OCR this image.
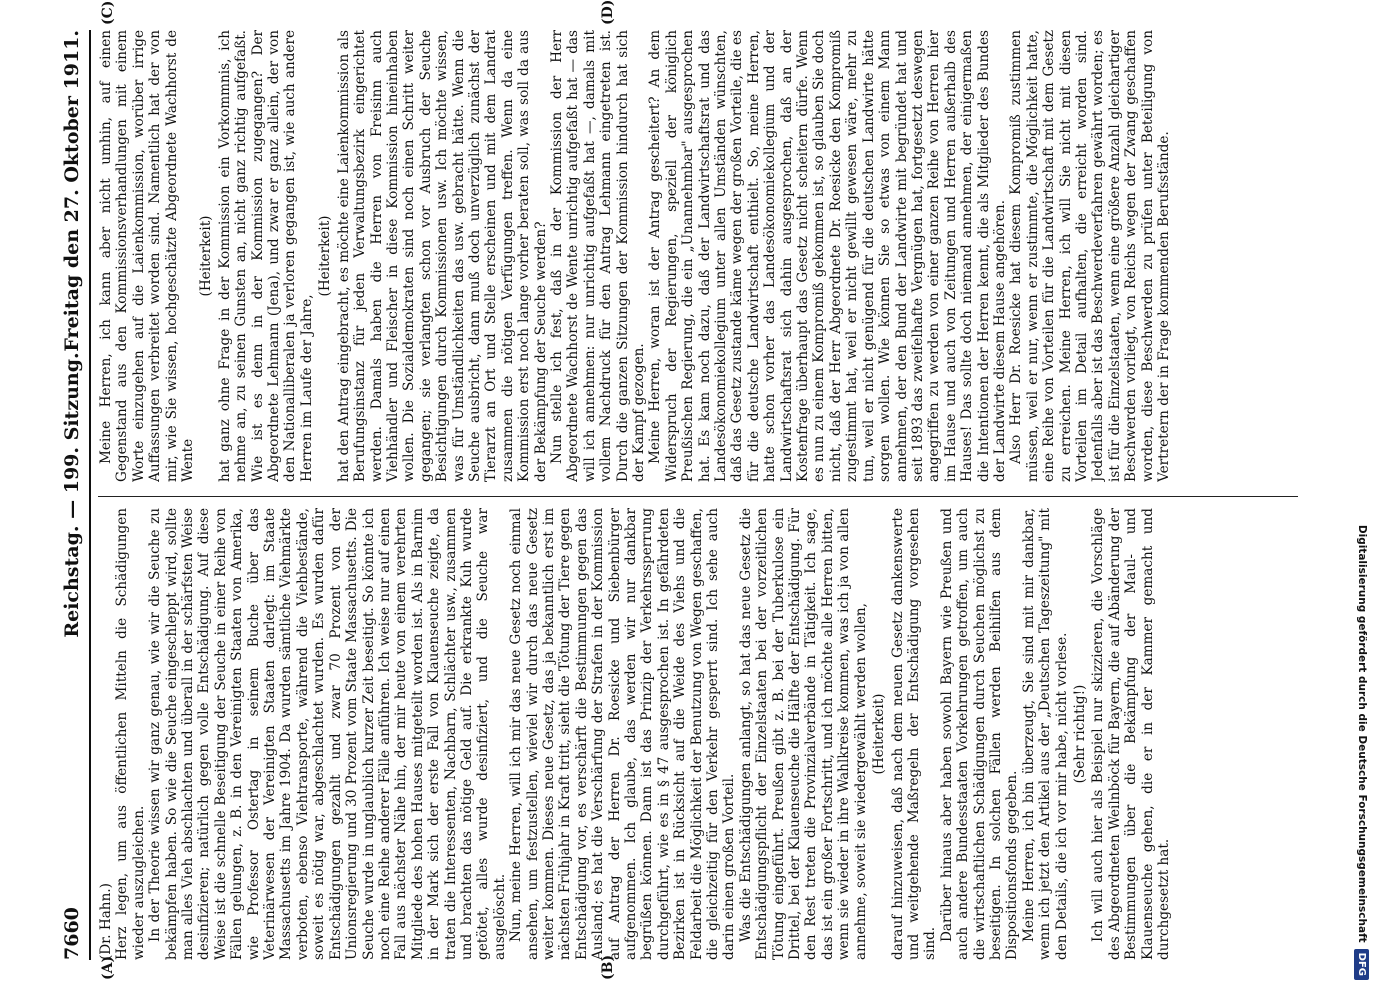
7660
Reichstag. — 199. Sitzung.
Freitag den 27. Oktober 1911.
(A)	(B)
(C)	(D)

(Dr. Hahn.) Herz legen, um aus öffentlichen Mitteln die Schädigungen wieder auszugleichen. In der Theorie wissen wir ganz genau, wie wir die Seuche zu bekämpfen haben. So wie die Seuche eingeschleppt wird, sollte man alles Vieh abschlachten und überall in der schärfsten Weise desinfizieren; natürlich gegen volle Entschädigung. Auf diese Weise ist die schnelle Beseitigung der Seuche in einer Reihe von Fällen gelungen, z. B. in den Vereinigten Staaten von Amerika, wie Professor Ostertag in seinem Buche über das Veterinärwesen der Vereinigten Staaten darlegt: im Staate Massachusetts im Jahre 1904. Da wurden sämtliche Viehmärkte verboten, ebenso Viehtransporte, während die Viehbestände, soweit es nötig war, abgeschlachtet wurden. Es wurden dafür Entschädigungen gezahlt und zwar 70 Prozent von der Unionsregierung und 30 Prozent vom Staate Massachusetts. Die Seuche wurde in unglaublich kurzer Zeit beseitigt. So könnte ich noch eine Reihe anderer Fälle anführen. Ich weise nur auf einen Fall aus nächster Nähe hin, der mir heute von einem verehrten Mitgliede des hohen Hauses mitgeteilt worden ist. Als in Barnim in der Mark sich der erste Fall von Klauenseuche zeigte, da traten die Interessenten, Nachbarn, Schlächter usw., zusammen und brachten das nötige Geld auf. Die erkrankte Kuh wurde getötet, alles wurde desinfiziert, und die Seuche war ausgelöscht. Nun, meine Herren, will ich mir das neue Gesetz noch einmal ansehen, um festzustellen, wieviel wir durch das neue Gesetz weiter kommen. Dieses neue Gesetz, das ja bekanntlich erst im nächsten Frühjahr in Kraft tritt, sieht die Tötung der Tiere gegen Entschädigung vor, es verschärft die Bestimmungen gegen das Ausland; es hat die Verschärfung der Strafen in der Kommission auf Antrag der Herren Dr. Roesicke und Siebenbürger aufgenommen. Ich glaube, das werden wir nur dankbar begrüßen können. Dann ist das Prinzip der Verkehrssperrung durchgeführt, wie es in § 47 ausgesprochen ist. In gefährdeten Bezirken ist in Rücksicht auf die Weide des Viehs und die Feldarbeit die Möglichkeit der Benutzung von Wegen geschaffen, die gleichzeitig für den Verkehr gesperrt sind. Ich sehe auch darin einen großen Vorteil. Was die Entschädigungen anlangt, so hat das neue Gesetz die Entschädigungspflicht der Einzelstaaten bei der vorzeitlichen Tötung eingeführt. Preußen gibt z. B. bei der Tuberkulose ein Drittel, bei der Klauenseuche die Hälfte der Entschädigung. Für den Rest treten die Provinzialverbände in Tätigkeit. Ich sage, das ist ein großer Fortschritt, und ich möchte alle Herren bitten, wenn sie wieder in ihre Wahlkreise kommen, was ich ja von allen annehme, soweit sie wiedergewählt werden wollen, (Heiterkeit) darauf hinzuweisen, daß nach dem neuen Gesetz dankenswerte und weitgehende Maßregeln der Entschädigung vorgesehen sind.

Darüber hinaus aber haben sowohl Bayern wie Preußen und auch andere Bundesstaaten Vorkehrungen getroffen, um auch die wirtschaftlichen Schädigungen durch Seuchen möglichst zu beseitigen. In solchen Fällen werden Beihilfen aus dem Dispositionsfonds gegeben. Meine Herren, ich bin überzeugt, Sie sind mit mir dankbar, wenn ich jetzt den Artikel aus der „Deutschen Tageszeitung" mit den Details, die ich vor mir habe, nicht vorlese. (Sehr richtig!) Ich will auch hier als Beispiel nur skizzieren, die Vorschläge des Abgeordneten Weilnböck für Bayern, die auf Abänderung der Bestimmungen über die Bekämpfung der Maul- und Klauenseuche gehen, die er in der Kammer gemacht und durchgesetzt hat.

Meine Herren, ich kann aber nicht umhin, auf einen Gegenstand aus den Kommissionsverhandlungen mit einem Worte einzugehen auf die Laienkommission, worüber irrige Auffassungen verbreitet worden sind. Namentlich hat der von mir, wie Sie wissen, hochgeschätzte Abgeordnete Wachhorst de Wente

(Heiterkeit) hat ganz ohne Frage in der Kommission ein Vorkommnis, ich nehme an, zu seinen Gunsten an, nicht ganz richtig aufgefaßt. Wie ist es denn in der Kommission zugegangen? Der Abgeordnete Lehmann (Jena), und zwar er ganz allein, der von den Nationalliberalen ja verloren gegangen ist, wie auch andere Herren im Laufe der Jahre,

(Heiterkeit) hat den Antrag eingebracht, es möchte eine Laienkommission als Berufungsinstanz für jeden Verwaltungsbezirk eingerichtet werden. Damals haben die Herren von Freisinn auch Viehhändler und Fleischer in diese Kommission hineinhaben wollen. Die Sozialdemokraten sind noch einen Schritt weiter gegangen; sie verlangten schon vor Ausbruch der Seuche Besichtigungen durch Kommissionen usw. Ich möchte wissen, was für Umständlichkeiten das usw. gebracht hätte. Wenn die Seuche ausbricht, dann muß doch unverzüglich zunächst der Tierarzt an Ort und Stelle erscheinen und mit dem Landrat zusammen die nötigen Verfügungen treffen. Wenn da eine Kommission erst noch lange vorher beraten soll, was soll da aus der Bekämpfung der Seuche werden? Nun stelle ich fest, daß in der Kommission der Herr Abgeordnete Wachhorst de Wente unrichtig aufgefaßt hat — das will ich annehmen: nur unrichtig aufgefaßt hat —, damals mit vollem Nachdruck für den Antrag Lehmann eingetreten ist. Durch die ganzen Sitzungen der Kommission hindurch hat sich der Kampf gezogen. Meine Herren, woran ist der Antrag gescheitert? An dem Widerspruch der Regierungen, speziell der königlich Preußischen Regierung, die ein „Unannehmbar" ausgesprochen hat. Es kam noch dazu, daß der Landwirtschaftsrat und das Landesökonomiekollegium unter allen Umständen wünschten, daß das Gesetz zustande käme wegen der großen Vorteile, die es für die deutsche Landwirtschaft enthielt. So, meine Herren, hatte schon vorher das Landesökonomiekollegium und der Landwirtschaftsrat sich dahin ausgesprochen, daß an der Kostenfrage überhaupt das Gesetz nicht scheitern dürfe. Wenn es nun zu einem Kompromiß gekommen ist, so glauben Sie doch nicht, daß der Herr Abgeordnete Dr. Roesicke den Kompromiß zugestimmt hat, weil er nicht gewillt gewesen wäre, mehr zu tun, weil er nicht genügend für die deutschen Landwirte hätte sorgen wollen. Wie können Sie so etwas von einem Mann annehmen, der den Bund der Landwirte mit begründet hat und seit 1893 das zweifelhafte Vergnügen hat, fortgesetzt deswegen angegriffen zu werden von einer ganzen Reihe von Herren hier im Hause und auch von Zeitungen und Herren außerhalb des Hauses! Das sollte doch niemand annehmen, der einigermaßen die Intentionen der Herren kennt, die als Mitglieder des Bundes der Landwirte diesem Hause angehören. Also Herr Dr. Roesicke hat diesem Kompromiß zustimmen müssen, weil er nur, wenn er zustimmte, die Möglichkeit hatte, eine Reihe von Vorteilen für die Landwirtschaft mit dem Gesetz zu erreichen. Meine Herren, ich will Sie nicht mit diesen Vorteilen im Detail aufhalten, die erreicht worden sind. Jedenfalls aber ist das Beschwerdeverfahren gewährt worden; es ist für die Einzelstaaten, wenn eine größere Anzahl gleichartiger Beschwerden vorliegt, von Reichs wegen der Zwang geschaffen worden, diese Beschwerden zu prüfen unter Beteiligung von Vertretern der in Frage kommenden Berufsstände.

Digitalisierung gefördert durch die Deutsche Forschungsgemeinschaft
DFG
